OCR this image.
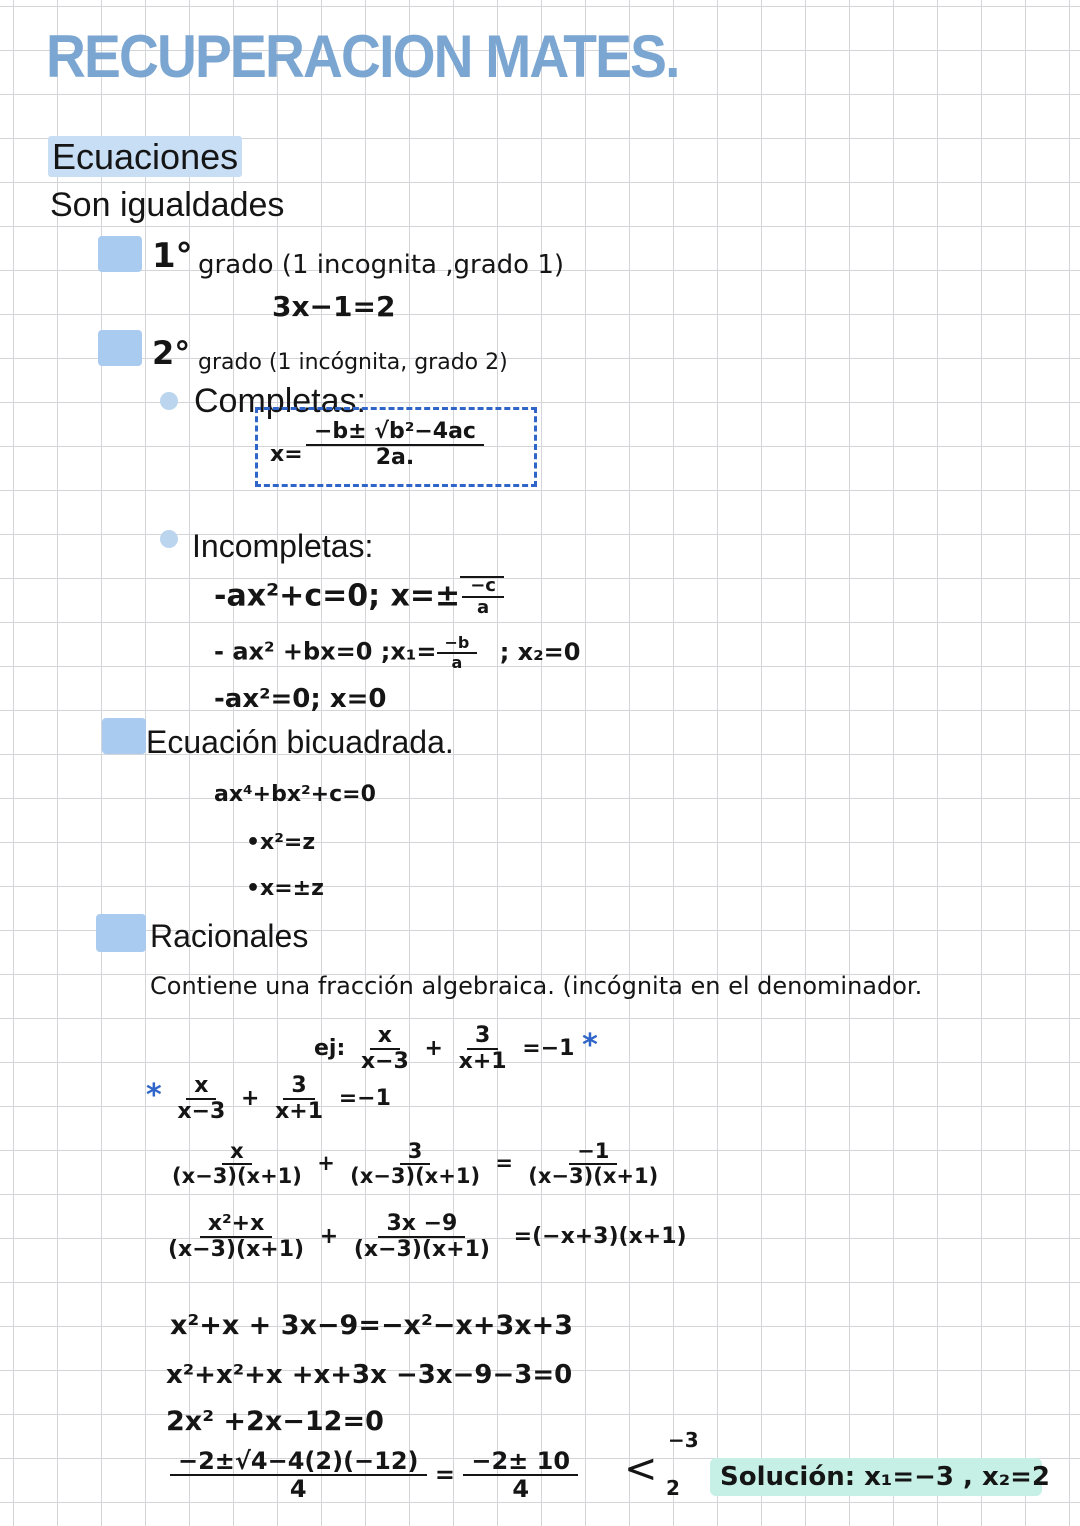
RECUPERACION MATES.
Ecuaciones
Son igualdades
1° grado (1 incognita ,grado 1)
3x−1=2
2° grado (1 incógnita, grado 2)
Completas:
$x= \frac{\text{−b± √b²−4ac}}{2a.}$
Incompletas:
-ax²+c=0; $x=\pm \frac{-c}{a}$
- ax² +bx=0 ;x₁= $\frac{-b}{a}$ ; x₂=0
-ax²=0; x=0
Ecuación bicuadrada.
ax⁴+bx²+c=0
•x²=z
•x=±z
Racionales
Contiene una fracción algebraica. (incógnita en el denominador.
ej: $\frac{x}{x-3} + \frac{3}{x+1} =-1$ *
* $\frac{x}{x-3} + \frac{3}{x+1} =-1$
$\frac{x}{(x-3)(x+1)} + \frac{3}{(x-3)(x+1)} = \frac{-1}{(x-3)(x+1)}$
$\frac{\text{x²+x}}{(x-3)(x+1)} + \frac{3x -9}{(x-3)(x+1)} =(-x+3)(x+1)$
x²+x + 3x−9=−x²−x+3x+3
x²+x²+x +x+3x −3x−9−3=0
2x² +2x−12=0
$\frac{-2\pm√4-4(2)(-12)}{4} = \frac{-2\pm 10}{4}$ <
−3
2	Solución: x₁=−3 , x₂=2
